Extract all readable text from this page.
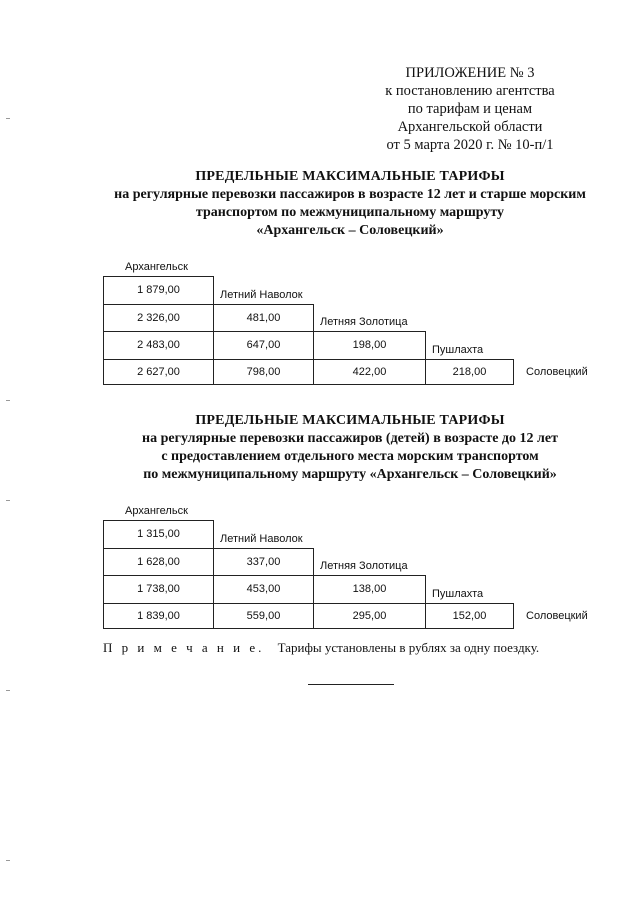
ПРИЛОЖЕНИЕ № 3
к постановлению агентства
по тарифам и ценам
Архангельской области
от 5 марта 2020 г. № 10-п/1
ПРЕДЕЛЬНЫЕ МАКСИМАЛЬНЫЕ ТАРИФЫ
на регулярные перевозки пассажиров в возрасте 12 лет и старше морским
транспортом по межмуниципальному маршруту
«Архангельск – Соловецкий»
Архангельск
1 879,00	Летний Наволок			
2 326,00	481,00	Летняя Золотица		
2 483,00	647,00	198,00	Пушлахта	
2 627,00	798,00	422,00	218,00	Соловецкий
ПРЕДЕЛЬНЫЕ МАКСИМАЛЬНЫЕ ТАРИФЫ
на регулярные перевозки пассажиров (детей) в возрасте до 12 лет
с предоставлением отдельного места морским транспортом
по межмуниципальному маршруту «Архангельск – Соловецкий»
Архангельск
1 315,00	Летний Наволок			
1 628,00	337,00	Летняя Золотица		
1 738,00	453,00	138,00	Пушлахта	
1 839,00	559,00	295,00	152,00	Соловецкий
П р и м е ч а н и е. Тарифы установлены в рублях за одну поездку.
